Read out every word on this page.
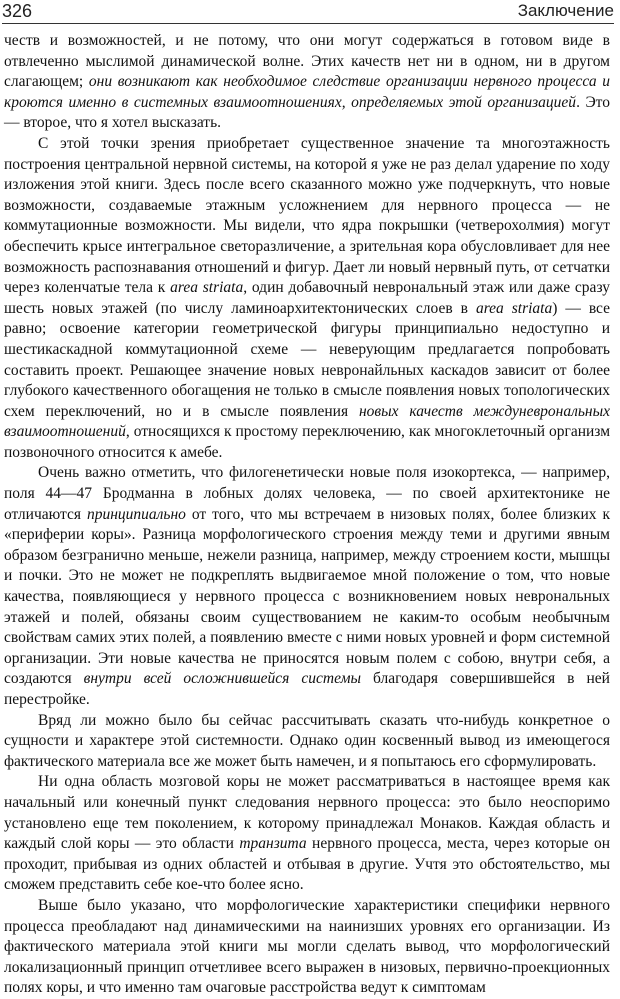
326	Заключение

честв и возможностей, и не потому, что они могут содержаться в готовом виде в отвлеченно мыслимой динамической волне. Этих качеств нет ни в одном, ни в другом слагающем; они возникают как необходимое следствие организации нервного процесса и кроются именно в системных взаимоотношениях, определяемых этой организацией. Это — второе, что я хотел высказать.

С этой точки зрения приобретает существенное значение та многоэтажность построения центральной нервной системы, на которой я уже не раз делал ударение по ходу изложения этой книги. Здесь после всего сказанного можно уже подчеркнуть, что новые возможности, создаваемые этажным усложнением для нервного процесса — не коммутационные возможности. Мы видели, что ядра покрышки (четверохолмия) могут обеспечить крысе интегральное светоразличение, а зрительная кора обусловливает для нее возможность распознавания отношений и фигур. Дает ли новый нервный путь, от сетчатки через коленчатые тела к area striata, один добавочный неврональный этаж или даже сразу шесть новых этажей (по числу ламиноархитектонических слоев в area striata) — все равно; освоение категории геометрической фигуры принципиально недоступно и шестикаскадной коммутационной схеме — неверующим предлагается попробовать составить проект. Решающее значение новых невронайльных каскадов зависит от более глубокого качественного обогащения не только в смысле появления новых топологических схем переключений, но и в смысле появления новых качеств междуневрональных взаимоотношений, относящихся к простому переключению, как многоклеточный организм позвоночного относится к амебе.

Очень важно отметить, что филогенетически новые поля изокортекса, — например, поля 44—47 Бродманна в лобных долях человека, — по своей архитектонике не отличаются принципиально от того, что мы встречаем в низовых полях, более близких к «периферии коры». Разница морфологического строения между теми и другими явным образом безгранично меньше, нежели разница, например, между строением кости, мышцы и почки. Это не может не подкреплять выдвигаемое мной положение о том, что новые качества, появляющиеся у нервного процесса с возникновением новых неврональных этажей и полей, обязаны своим существованием не каким-то особым необычным свойствам самих этих полей, а появлению вместе с ними новых уровней и форм системной организации. Эти новые качества не приносятся новым полем с собою, внутри себя, а создаются внутри всей осложнившейся системы благодаря совершившейся в ней перестройке.

Вряд ли можно было бы сейчас рассчитывать сказать что-нибудь конкретное о сущности и характере этой системности. Однако один косвенный вывод из имеющегося фактического материала все же может быть намечен, и я попытаюсь его сформулировать.

Ни одна область мозговой коры не может рассматриваться в настоящее время как начальный или конечный пункт следования нервного процесса: это было неоспоримо установлено еще тем поколением, к которому принадлежал Монаков. Каждая область и каждый слой коры — это области транзита нервного процесса, места, через которые он проходит, прибывая из одних областей и отбывая в другие. Учтя это обстоятельство, мы сможем представить себе кое-что более ясно.

Выше было указано, что морфологические характеристики специфики нервного процесса преобладают над динамическими на наинизших уровнях его организации. Из фактического материала этой книги мы могли сделать вывод, что морфологический локализационный принцип отчетливее всего выражен в низовых, первично-проекционных полях коры, и что именно там очаговые расстройства ведут к симптомам
